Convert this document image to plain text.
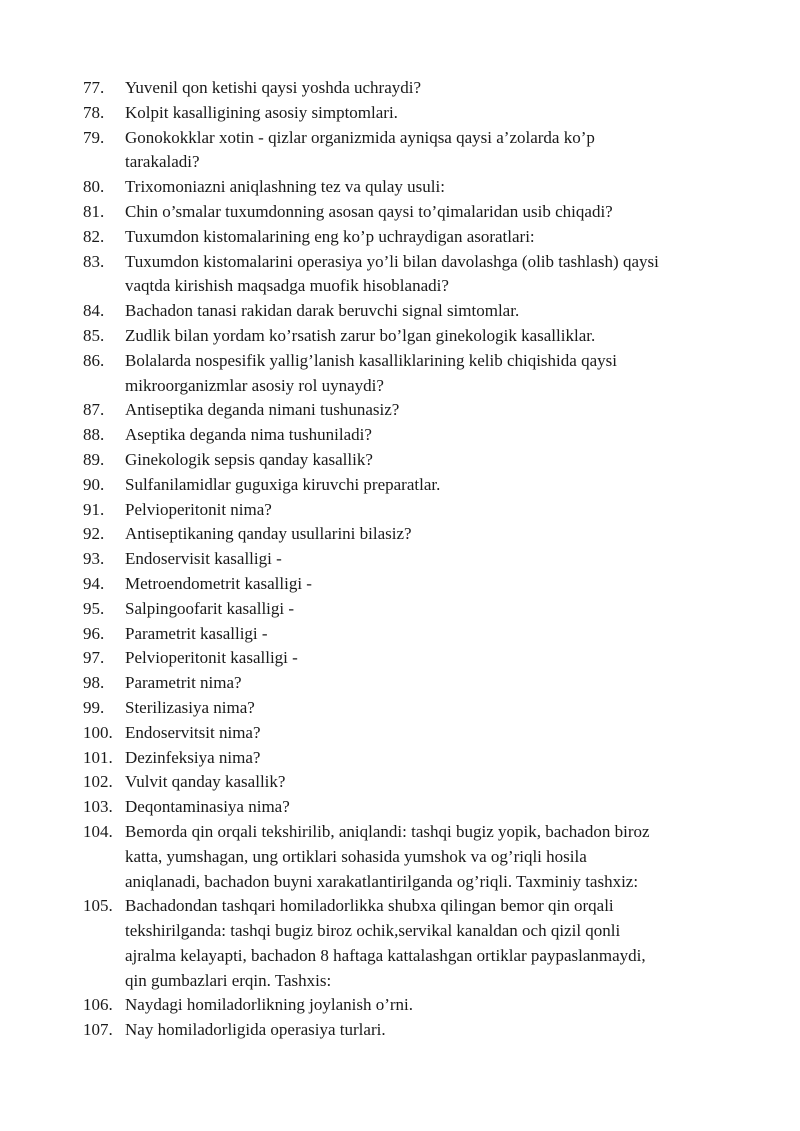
77.	Yuvenil qon ketishi qaysi yoshda uchraydi?
78.	Kolpit kasalligining asosiy simptomlari.
79.	Gonokokklar xotin - qizlar organizmida ayniqsa qaysi a’zolarda ko’p
tarakaladi?
80.	Trixomoniazni aniqlashning tez va qulay usuli:
81.	Chin o’smalar tuxumdonning asosan qaysi to’qimalaridan usib chiqadi?
82.	Tuxumdon kistomalarining eng ko’p uchraydigan asoratlari:
83.	Tuxumdon kistomalarini operasiya yo’li bilan davolashga (olib tashlash) qaysi
vaqtda kirishish maqsadga muofik hisoblanadi?
84.	Bachadon tanasi rakidan darak beruvchi signal simtomlar.
85.	Zudlik bilan yordam ko’rsatish zarur bo’lgan ginekologik kasalliklar.
86.	Bolalarda nospesifik yallig’lanish kasalliklarining kelib chiqishida qaysi
mikroorganizmlar asosiy rol uynaydi?
87.	Antiseptika deganda nimani tushunasiz?
88.	Aseptika deganda nima tushuniladi?
89.	Ginekologik sepsis qanday kasallik?
90.	Sulfanilamidlar guguxiga kiruvchi preparatlar.
91.	Pelvioperitonit nima?
92.	Antiseptikaning qanday usullarini bilasiz?
93.	Endoservisit kasalligi -
94.	Metroendometrit kasalligi -
95.	Salpingoofarit kasalligi -
96.	Parametrit kasalligi -
97.	Pelvioperitonit kasalligi -
98.	Parametrit nima?
99.	Sterilizasiya nima?
100. Endoservitsit nima?
101. Dezinfeksiya nima?
102. Vulvit qanday kasallik?
103. Deqontaminasiya nima?
104. Bemorda qin orqali tekshirilib, aniqlandi: tashqi bugiz yopik, bachadon biroz
katta, yumshagan, ung ortiklari sohasida yumshok va og’riqli hosila
aniqlanadi, bachadon buyni xarakatlantirilganda og’riqli. Taxminiy tashxiz:
105. Bachadondan tashqari homiladorlikka shubxa qilingan bemor qin orqali
tekshirilganda: tashqi bugiz biroz ochik,servikal kanaldan och qizil qonli
ajralma kelayapti, bachadon 8 haftaga kattalashgan ortiklar paypaslanmaydi,
qin gumbazlari erqin. Tashxis:
106. Naydagi homiladorlikning joylanish o’rni.
107. Nay homiladorligida operasiya turlari.
